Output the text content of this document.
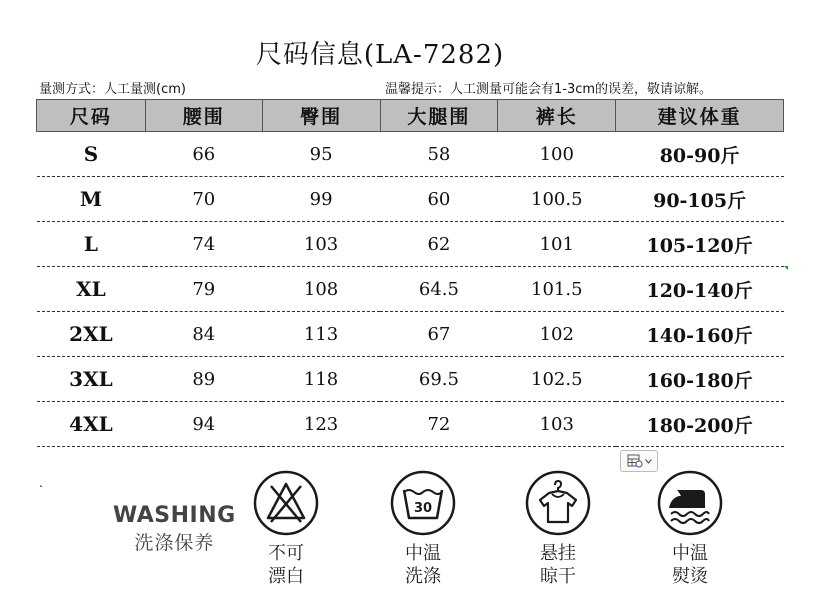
尺码信息(LA-7282)
量测方式：人工量测(cm)	温馨提示：人工测量可能会有1-3cm的误差，敬请谅解。
尺码	腰围	臀围	大腿围	裤长	建议体重
S	66	95	58	100	80-90斤
M	70	99	60	100.5	90-105斤
L	74	103	62	101	105-120斤
XL	79	108	64.5	101.5	120-140斤
2XL	84	113	67	102	140-160斤
3XL	89	118	69.5	102.5	160-180斤
4XL	94	123	72	103	180-200斤
.
WASHING
洗涤保养	不可
漂白
30
中温
洗涤
悬挂
晾干
中温
熨烫
